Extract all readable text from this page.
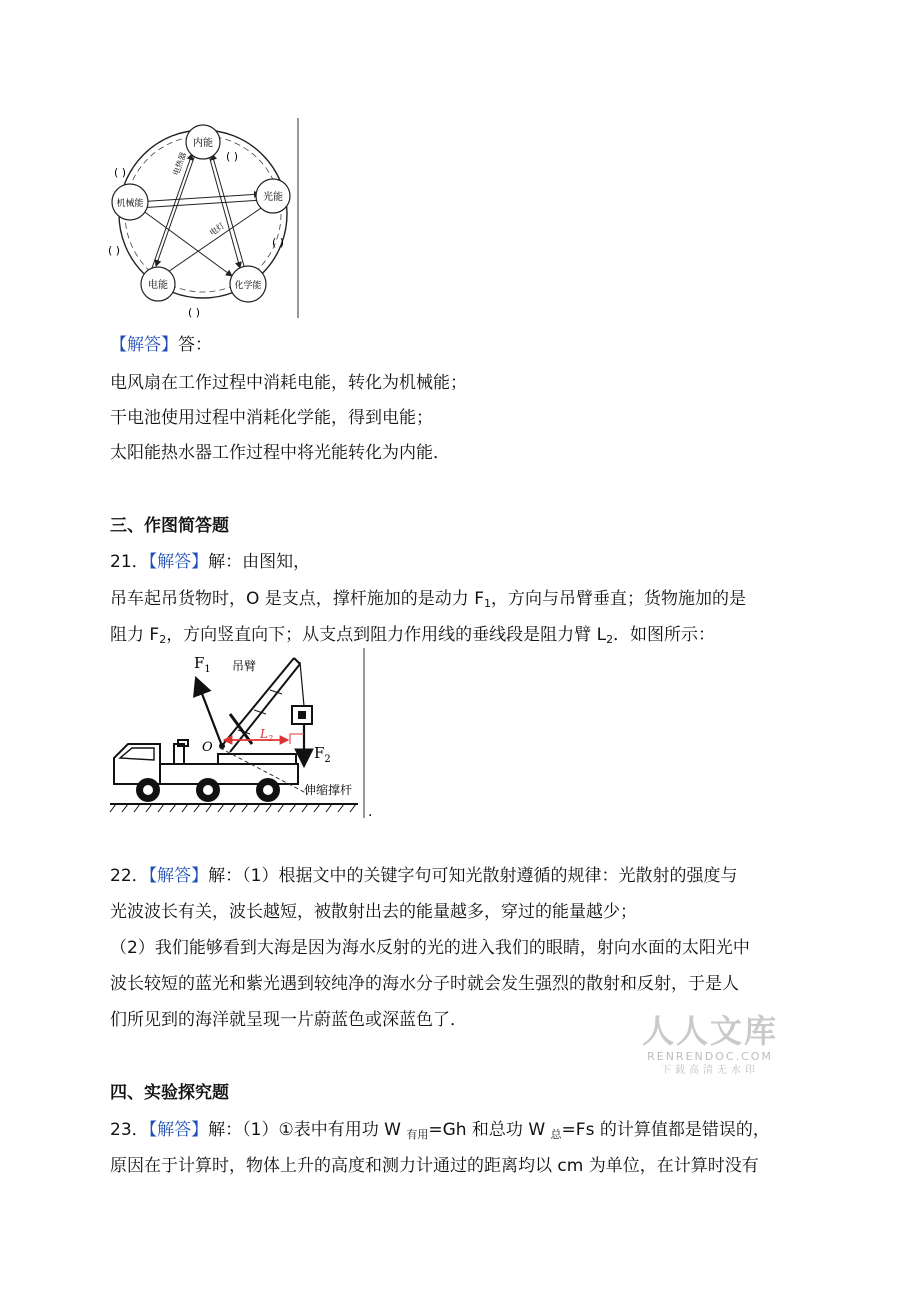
内能
光能
化学能
电能
机械能
电热器
电灯
( )
( )
( )
( )
( )
【解答】答：
电风扇在工作过程中消耗电能，转化为机械能；
干电池使用过程中消耗化学能，得到电能；
太阳能热水器工作过程中将光能转化为内能．
三、作图简答题
21．【解答】解：由图知，
吊车起吊货物时，O 是支点，撑杆施加的是动力 $F_1$，方向与吊臂垂直；货物施加的是
阻力 $F_2$，方向竖直向下；从支点到阻力作用线的垂线段是阻力臂 $L_2$．如图所示：
$F_1$ 吊臂
O
$L_2$
$F_2$
伸缩撑杆
.
22．【解答】解：（1）根据文中的关键字句可知光散射遵循的规律：光散射的强度与
光波波长有关，波长越短，被散射出去的能量越多，穿过的能量越少；
（2）我们能够看到大海是因为海水反射的光的进入我们的眼睛，射向水面的太阳光中
波长较短的蓝光和紫光遇到较纯净的海水分子时就会发生强烈的散射和反射，于是人
们所见到的海洋就呈现一片蔚蓝色或深蓝色了．	人人文库
RENRENDOC.COM
下载高清无水印
四、实验探究题
23．【解答】解：（1）①表中有用功 W $_{有用}$=Gh 和总功 W $_总$=Fs 的计算值都是错误的，
原因在于计算时，物体上升的高度和测力计通过的距离均以 cm 为单位，在计算时没有
